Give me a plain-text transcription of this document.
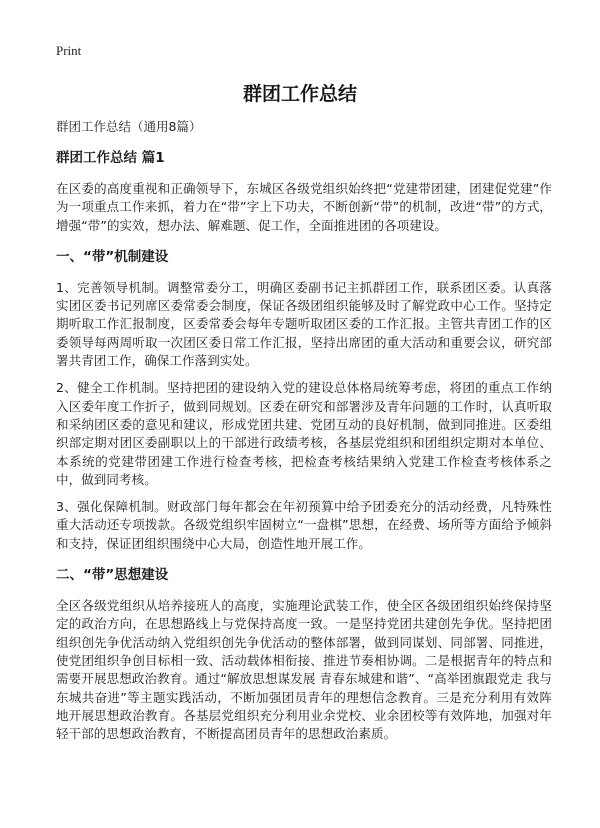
Print
群团工作总结

群团工作总结（通用8篇）

群团工作总结 篇1

在区委的高度重视和正确领导下，东城区各级党组织始终把“党建带团建，团建促党建”作为一项重点工作来抓，着力在“带”字上下功夫，不断创新“带”的机制，改进“带”的方式，增强“带”的实效，想办法、解难题、促工作，全面推进团的各项建设。

一、“带”机制建设

1、完善领导机制。调整常委分工，明确区委副书记主抓群团工作，联系团区委。认真落实团区委书记列席区委常委会制度，保证各级团组织能够及时了解党政中心工作。坚持定期听取工作汇报制度，区委常委会每年专题听取团区委的工作汇报。主管共青团工作的区委领导每两周听取一次团区委日常工作汇报，坚持出席团的重大活动和重要会议，研究部署共青团工作，确保工作落到实处。

2、健全工作机制。坚持把团的建设纳入党的建设总体格局统筹考虑，将团的重点工作纳入区委年度工作折子，做到同规划。区委在研究和部署涉及青年问题的工作时，认真听取和采纳团区委的意见和建议，形成党团共建、党团互动的良好机制，做到同推进。区委组织部定期对团区委副职以上的干部进行政绩考核，各基层党组织和团组织定期对本单位、本系统的党建带团建工作进行检查考核，把检查考核结果纳入党建工作检查考核体系之中，做到同考核。

3、强化保障机制。财政部门每年都会在年初预算中给予团委充分的活动经费，凡特殊性重大活动还专项拨款。各级党组织牢固树立“一盘棋”思想，在经费、场所等方面给予倾斜和支持，保证团组织围绕中心大局，创造性地开展工作。

二、“带”思想建设

全区各级党组织从培养接班人的高度，实施理论武装工作，使全区各级团组织始终保持坚定的政治方向，在思想路线上与党保持高度一致。一是坚持党团共建创先争优。坚持把团组织创先争优活动纳入党组织创先争优活动的整体部署，做到同谋划、同部署、同推进，使党团组织争创目标相一致、活动载体相衔接、推进节奏相协调。二是根据青年的特点和需要开展思想政治教育。通过“解放思想谋发展 青春东城建和谐”、“高举团旗跟党走 我与东城共奋进”等主题实践活动，不断加强团员青年的理想信念教育。三是充分利用有效阵地开展思想政治教育。各基层党组织充分利用业余党校、业余团校等有效阵地，加强对年轻干部的思想政治教育，不断提高团员青年的思想政治素质。
